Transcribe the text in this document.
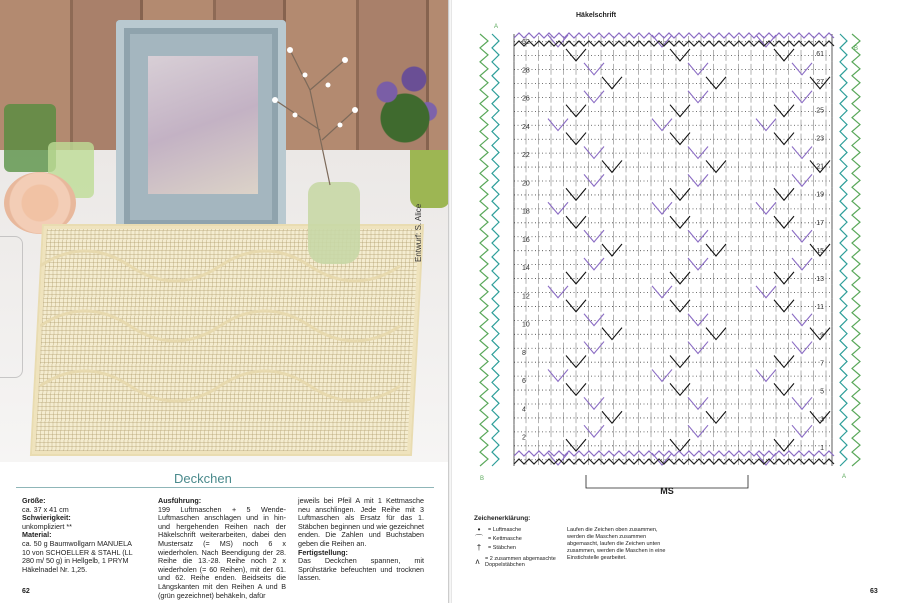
Entwurf: S. Alice
Deckchen
Größe:
ca. 37 x 41 cm
Schwierigkeit:
unkompliziert **
Material:
ca. 50 g Baumwollgarn MANUELA 10 von SCHOELLER & STAHL (LL 280 m/ 50 g) in Hellgelb, 1 PRYM Häkelnadel Nr. 1,25.
Ausführung:
199 Luftmaschen + 5 Wende-Luftmaschen anschlagen und in hin- und hergehenden Reihen nach der Häkelschrift weiterarbeiten, dabei den Mustersatz (= MS) noch 6 x wiederholen. Nach Beendigung der 28. Reihe die 13.-28. Reihe noch 2 x wiederholen (= 60 Reihen), mit der 61. und 62. Reihe enden. Beidseits die Längskanten mit den Reihen A und B (grün gezeichnet) behäkeln, dafür
jeweils bei Pfeil A mit 1 Kettmasche neu anschlingen. Jede Reihe mit 3 Luftmaschen als Ersatz für das 1. Stäbchen beginnen und wie gezeichnet enden. Die Zahlen und Buchstaben geben die Reihen an.
Fertigstellung:
Das Deckchen spannen, mit Sprühstärke befeuchten und trocknen lassen.
62
Häkelschrift
62
28
26
24
22
20
18
16
14
12
10
8
6
4
2
61
27
25
23
21
19
17
15
13
11
9
7
5
3
1
A
B	A
B
MS
Zeichenerklärung:
•	= Luftmasche
⌒ = Kettmasche
†	= Stäbchen
ᴧ = 2 zusammen abgemaschte Doppelstäbchen
Laufen die Zeichen oben zusammen, werden die Maschen zusammen abgemascht, laufen die Zeichen unten zusammen, werden die Maschen in eine Einstichstelle gearbeitet.
63
